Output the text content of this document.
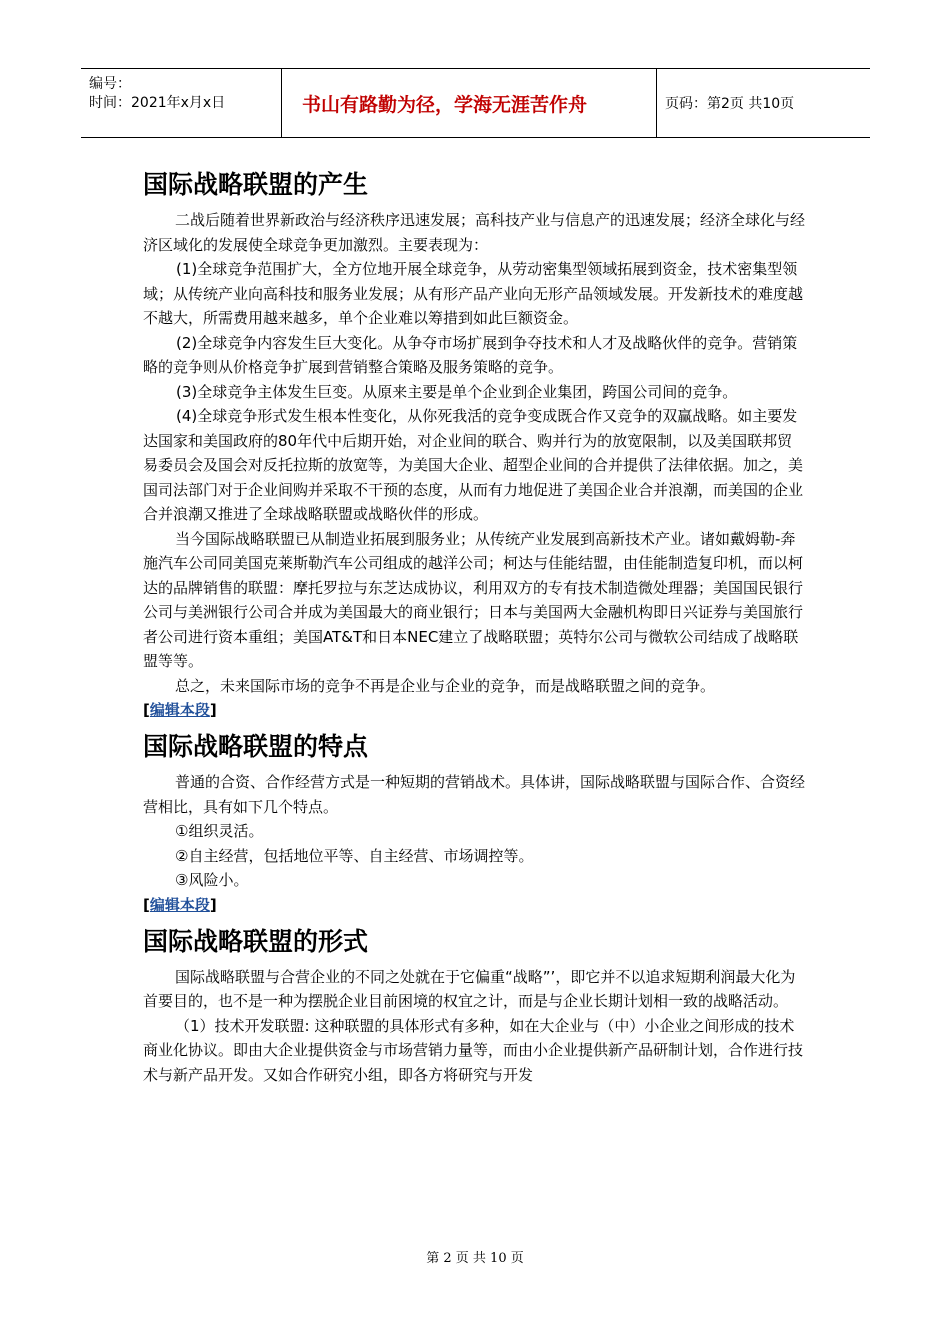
编号：
时间：2021年x月x日	书山有路勤为径，学海无涯苦作舟	页码：第2页 共10页
国际战略联盟的产生

二战后随着世界新政治与经济秩序迅速发展；高科技产业与信息产的迅速发展；经济全球化与经济区域化的发展使全球竞争更加激烈。主要表现为：

(1)全球竞争范围扩大，全方位地开展全球竞争，从劳动密集型领域拓展到资金，技术密集型领域；从传统产业向高科技和服务业发展；从有形产品产业向无形产品领域发展。开发新技术的难度越不越大，所需费用越来越多，单个企业难以筹措到如此巨额资金。

(2)全球竞争内容发生巨大变化。从争夺市场扩展到争夺技术和人才及战略伙伴的竞争。营销策略的竞争则从价格竞争扩展到营销整合策略及服务策略的竞争。

(3)全球竞争主体发生巨变。从原来主要是单个企业到企业集团，跨国公司间的竞争。

(4)全球竞争形式发生根本性变化，从你死我活的竞争变成既合作又竞争的双赢战略。如主要发达国家和美国政府的80年代中后期开始，对企业间的联合、购并行为的放宽限制，以及美国联邦贸易委员会及国会对反托拉斯的放宽等，为美国大企业、超型企业间的合并提供了法律依据。加之，美国司法部门对于企业间购并采取不干预的态度，从而有力地促进了美国企业合并浪潮，而美国的企业合并浪潮又推进了全球战略联盟或战略伙伴的形成。

当今国际战略联盟已从制造业拓展到服务业；从传统产业发展到高新技术产业。诸如戴姆勒-奔施汽车公司同美国克莱斯勒汽车公司组成的越洋公司；柯达与佳能结盟，由佳能制造复印机，而以柯达的品牌销售的联盟：摩托罗拉与东芝达成协议，利用双方的专有技术制造微处理器；美国国民银行公司与美洲银行公司合并成为美国最大的商业银行；日本与美国两大金融机构即日兴证券与美国旅行者公司进行资本重组；美国AT&T和日本NEC建立了战略联盟；英特尔公司与微软公司结成了战略联盟等等。

总之，未来国际市场的竞争不再是企业与企业的竞争，而是战略联盟之间的竞争。

[编辑本段]
国际战略联盟的特点

普通的合资、合作经营方式是一种短期的营销战术。具体讲，国际战略联盟与国际合作、合资经营相比，具有如下几个特点。

①组织灵活。

②自主经营，包括地位平等、自主经营、市场调控等。

③风险小。

[编辑本段]
国际战略联盟的形式

国际战略联盟与合营企业的不同之处就在于它偏重“战略”’，即它并不以追求短期利润最大化为首要目的，也不是一种为摆脱企业目前困境的权宜之计，而是与企业长期计划相一致的战略活动。

（1）技术开发联盟: 这种联盟的具体形式有多种，如在大企业与（中）小企业之间形成的技术商业化协议。即由大企业提供资金与市场营销力量等，而由小企业提供新产品研制计划，合作进行技术与新产品开发。又如合作研究小组，即各方将研究与开发

第 2 页 共 10 页
